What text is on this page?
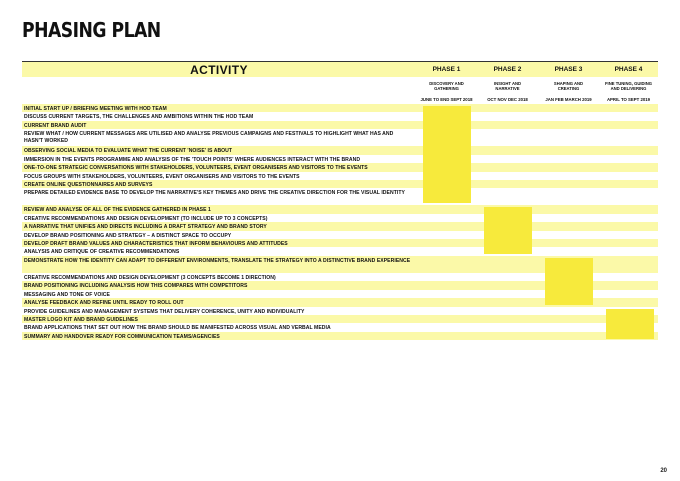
PHASING PLAN
ACTIVITY	PHASE 1
DISCOVERY AND
GATHERING
JUNE TO END SEPT 2018
PHASE 2
INSIGHT AND
NARRATIVE
OCT NOV DEC 2018
PHASE 3
SHAPING AND
CREATING
JAN FEB MARCH 2019
PHASE 4
FINE TUNING, GUIDING
AND DELIVERING
APRIL TO SEPT 2019
INITIAL START UP / BRIEFING MEETING WITH HOD TEAM
DISCUSS CURRENT TARGETS, THE CHALLENGES AND AMBITIONS WITHIN THE HOD TEAM
CURRENT BRAND AUDIT
REVIEW WHAT / HOW CURRENT MESSAGES ARE UTILISED AND ANALYSE PREVIOUS CAMPAIGNS AND FESTIVALS TO HIGHLIGHT WHAT HAS AND HASN'T WORKED
OBSERVING SOCIAL MEDIA TO EVALUATE WHAT THE CURRENT 'NOISE' IS ABOUT
IMMERSION IN THE EVENTS PROGRAMME AND ANALYSIS OF THE 'TOUCH POINTS' WHERE AUDIENCES INTERACT WITH THE BRAND
ONE-TO-ONE STRATEGIC CONVERSATIONS WITH STAKEHOLDERS, VOLUNTEERS, EVENT ORGANISERS AND VISITORS TO THE EVENTS
FOCUS GROUPS WITH STAKEHOLDERS, VOLUNTEERS, EVENT ORGANISERS AND VISITORS TO THE EVENTS
CREATE ONLINE QUESTIONNAIRES AND SURVEYS
PREPARE DETAILED EVIDENCE BASE TO DEVELOP THE NARRATIVE'S KEY THEMES AND DRIVE THE CREATIVE DIRECTION FOR THE VISUAL IDENTITY
REVIEW AND ANALYSE OF ALL OF THE EVIDENCE GATHERED IN PHASE 1
CREATIVE RECOMMENDATIONS AND DESIGN DEVELOPMENT (TO INCLUDE UP TO 3 CONCEPTS)
A NARRATIVE THAT UNIFIES AND DIRECTS INCLUDING A DRAFT STRATEGY AND BRAND STORY
DEVELOP BRAND POSITIONING AND STRATEGY – A DISTINCT SPACE TO OCCUPY
DEVELOP DRAFT BRAND VALUES AND CHARACTERISTICS THAT INFORM BEHAVIOURS AND ATTITUDES
ANALYSIS AND CRITIQUE OF CREATIVE RECOMMENDATIONS
DEMONSTRATE HOW THE IDENTITY CAN ADAPT TO DIFFERENT ENVIRONMENTS, TRANSLATE THE STRATEGY INTO A DISTINCTIVE BRAND EXPERIENCE
CREATIVE RECOMMENDATIONS AND DESIGN DEVELOPMENT (3 CONCEPTS BECOME 1 DIRECTION)
BRAND POSITIONING INCLUDING ANALYSIS HOW THIS COMPARES WITH COMPETITORS
MESSAGING AND TONE OF VOICE
ANALYSE FEEDBACK AND REFINE UNTIL READY TO ROLL OUT
PROVIDE GUIDELINES AND MANAGEMENT SYSTEMS THAT DELIVERY COHERENCE, UNITY AND INDIVIDUALITY
MASTER LOGO KIT AND BRAND GUIDELINES
BRAND APPLICATIONS THAT SET OUT HOW THE BRAND SHOULD BE MANIFESTED ACROSS VISUAL AND VERBAL MEDIA
SUMMARY AND HANDOVER READY FOR COMMUNICATION TEAMS/AGENCIES
20
